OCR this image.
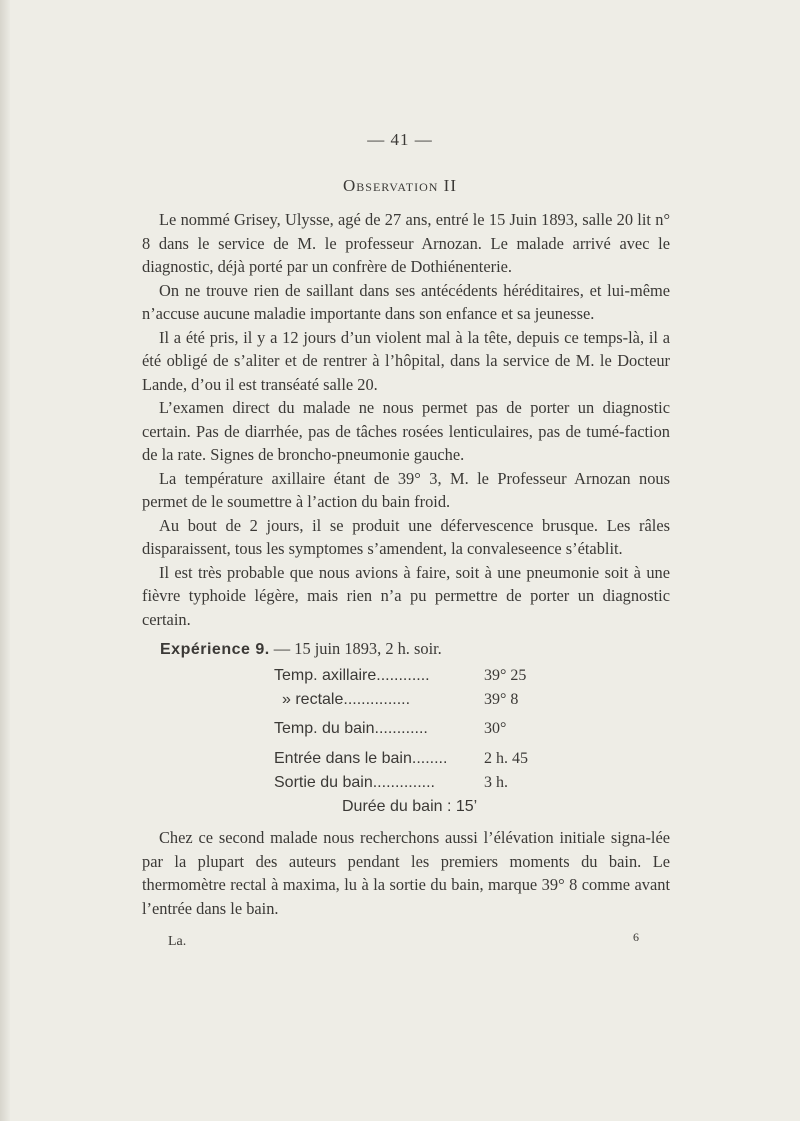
— 41 —
Observation II

Le nommé Grisey, Ulysse, agé de 27 ans, entré le 15 Juin 1893, salle 20 lit n° 8 dans le service de M. le professeur Arnozan. Le malade arrivé avec le diagnostic, déjà porté par un confrère de Dothiénenterie.

On ne trouve rien de saillant dans ses antécédents héréditaires, et lui-même n’accuse aucune maladie importante dans son enfance et sa jeunesse.

Il a été pris, il y a 12 jours d’un violent mal à la tête, depuis ce temps-là, il a été obligé de s’aliter et de rentrer à l’hôpital, dans la service de M. le Docteur Lande, d’ou il est transéaté salle 20.

L’examen direct du malade ne nous permet pas de porter un diagnostic certain. Pas de diarrhée, pas de tâches rosées lenticulaires, pas de tumé-faction de la rate. Signes de broncho-pneumonie gauche.

La température axillaire étant de 39° 3, M. le Professeur Arnozan nous permet de le soumettre à l’action du bain froid.

Au bout de 2 jours, il se produit une défervescence brusque. Les râles disparaissent, tous les symptomes s’amendent, la convaleseence s’établit.

Il est très probable que nous avions à faire, soit à une pneumonie soit à une fièvre typhoide légère, mais rien n’a pu permettre de porter un diagnostic certain.

Expérience 9. — 15 juin 1893, 2 h. soir.
Temp. axillaire............	39° 25
» rectale...............	39° 8
Temp. du bain............	30°
Entrée dans le bain........ 2 h. 45
Sortie du bain..............	3 h.
Durée du bain : 15’

Chez ce second malade nous recherchons aussi l’élévation initiale signa-lée par la plupart des auteurs pendant les premiers moments du bain. Le thermomètre rectal à maxima, lu à la sortie du bain, marque 39° 8 comme avant l’entrée dans le bain.

La.	6
